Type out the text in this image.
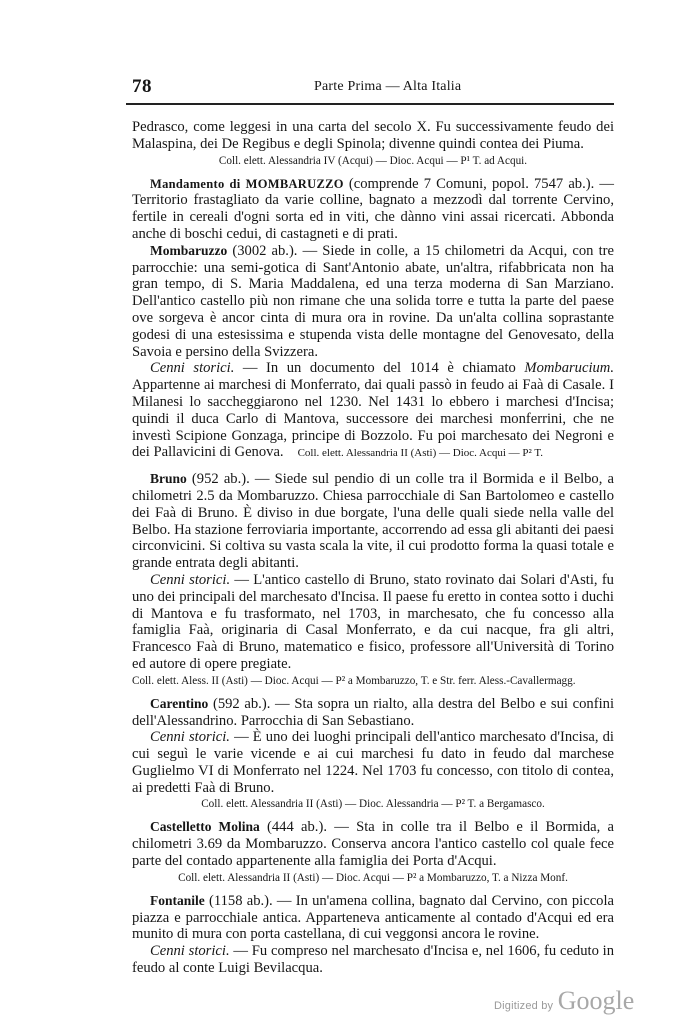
78	Parte Prima — Alta Italia

Pedrasco, come leggesi in una carta del secolo X. Fu successivamente feudo dei Malaspina, dei De Regibus e degli Spinola; divenne quindi contea dei Piuma.

Coll. elett. Alessandria IV (Acqui) — Dioc. Acqui — P¹ T. ad Acqui.

Mandamento di MOMBARUZZO (comprende 7 Comuni, popol. 7547 ab.). — Territorio frastagliato da varie colline, bagnato a mezzodì dal torrente Cervino, fertile in cereali d'ogni sorta ed in viti, che dànno vini assai ricercati. Abbonda anche di boschi cedui, di castagneti e di prati.

Mombaruzzo (3002 ab.). — Siede in colle, a 15 chilometri da Acqui, con tre parrocchie: una semi-gotica di Sant'Antonio abate, un'altra, rifabbricata non ha gran tempo, di S. Maria Maddalena, ed una terza moderna di San Marziano. Dell'antico castello più non rimane che una solida torre e tutta la parte del paese ove sorgeva è ancor cinta di mura ora in rovine. Da un'alta collina soprastante godesi di una estesissima e stupenda vista delle montagne del Genovesato, della Savoia e persino della Svizzera.

Cenni storici. — In un documento del 1014 è chiamato Mombarucium. Appartenne ai marchesi di Monferrato, dai quali passò in feudo ai Faà di Casale. I Milanesi lo saccheggiarono nel 1230. Nel 1431 lo ebbero i marchesi d'Incisa; quindi il duca Carlo di Mantova, successore dei marchesi monferrini, che ne investì Scipione Gonzaga, principe di Bozzolo. Fu poi marchesato dei Negroni e dei Pallavicini di Genova. Coll. elett. Alessandria II (Asti) — Dioc. Acqui — P² T.

Bruno (952 ab.). — Siede sul pendio di un colle tra il Bormida e il Belbo, a chilometri 2.5 da Mombaruzzo. Chiesa parrocchiale di San Bartolomeo e castello dei Faà di Bruno. È diviso in due borgate, l'una delle quali siede nella valle del Belbo. Ha stazione ferroviaria importante, accorrendo ad essa gli abitanti dei paesi circonvicini. Si coltiva su vasta scala la vite, il cui prodotto forma la quasi totale e grande entrata degli abitanti.

Cenni storici. — L'antico castello di Bruno, stato rovinato dai Solari d'Asti, fu uno dei principali del marchesato d'Incisa. Il paese fu eretto in contea sotto i duchi di Mantova e fu trasformato, nel 1703, in marchesato, che fu concesso alla famiglia Faà, originaria di Casal Monferrato, e da cui nacque, fra gli altri, Francesco Faà di Bruno, matematico e fisico, professore all'Università di Torino ed autore di opere pregiate.

Coll. elett. Aless. II (Asti) — Dioc. Acqui — P² a Mombaruzzo, T. e Str. ferr. Aless.-Cavallermagg.

Carentino (592 ab.). — Sta sopra un rialto, alla destra del Belbo e sui confini dell'Alessandrino. Parrocchia di San Sebastiano.

Cenni storici. — È uno dei luoghi principali dell'antico marchesato d'Incisa, di cui seguì le varie vicende e ai cui marchesi fu dato in feudo dal marchese Guglielmo VI di Monferrato nel 1224. Nel 1703 fu concesso, con titolo di contea, ai predetti Faà di Bruno.

Coll. elett. Alessandria II (Asti) — Dioc. Alessandria — P² T. a Bergamasco.

Castelletto Molina (444 ab.). — Sta in colle tra il Belbo e il Bormida, a chilometri 3.69 da Mombaruzzo. Conserva ancora l'antico castello col quale fece parte del contado appartenente alla famiglia dei Porta d'Acqui.

Coll. elett. Alessandria II (Asti) — Dioc. Acqui — P² a Mombaruzzo, T. a Nizza Monf.

Fontanile (1158 ab.). — In un'amena collina, bagnato dal Cervino, con piccola piazza e parrocchiale antica. Apparteneva anticamente al contado d'Acqui ed era munito di mura con porta castellana, di cui veggonsi ancora le rovine.

Cenni storici. — Fu compreso nel marchesato d'Incisa e, nel 1606, fu ceduto in feudo al conte Luigi Bevilacqua.

Digitized by Google
